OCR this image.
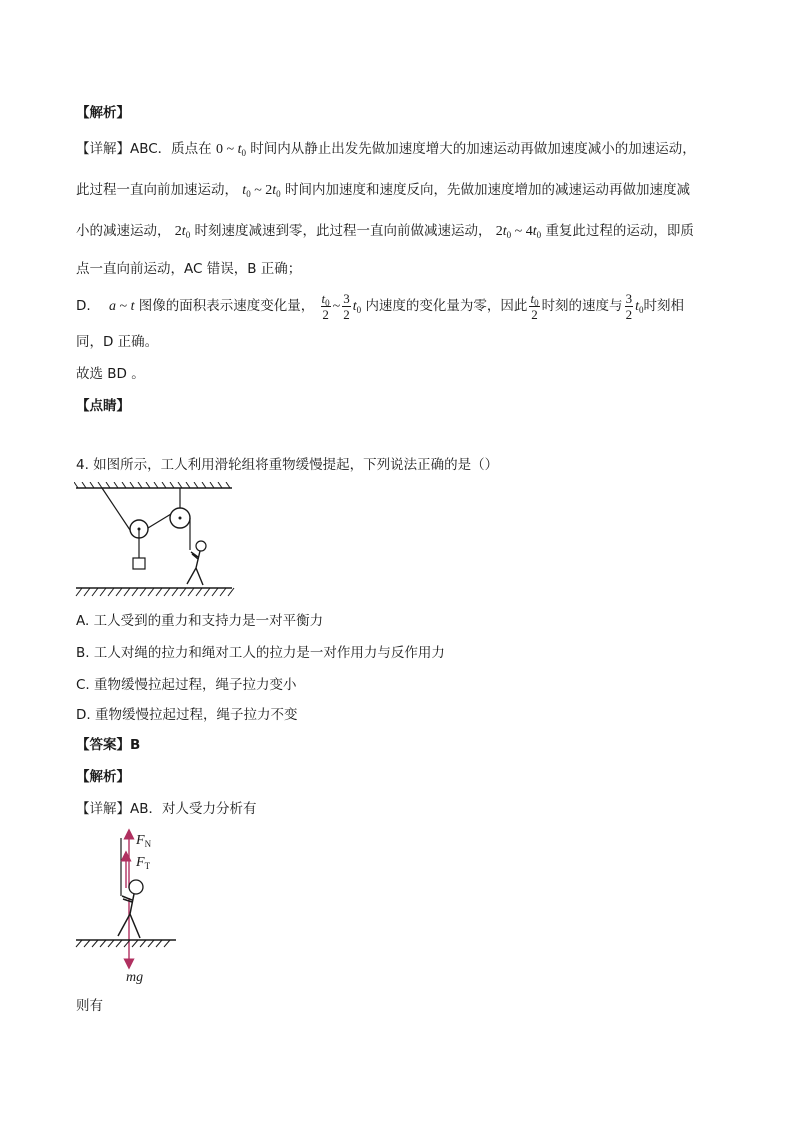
【解析】
【详解】ABC．质点在 0 ~ $t_0$ 时间内从静止出发先做加速度增大的加速运动再做加速度减小的加速运动，
此过程一直向前加速运动， $t_0$ ~ $2t_0$ 时间内加速度和速度反向，先做加速度增加的减速运动再做加速度减
小的减速运动， $2t_0$ 时刻速度减速到零，此过程一直向前做减速运动， $2t_0$ ~ $4t_0$ 重复此过程的运动，即质
点一直向前运动，AC 错误，B 正确；
D. a ~ t 图像的面积表示速度变化量， $\frac{t_0}{2}$ ~ $\frac{3}{2} t_0$ 内速度的变化量为零，因此 $\frac{t_0}{2}$ 时刻的速度与 $\frac{3}{2} t_0$时刻相
同，D 正确。
故选 BD 。
【点睛】
4. 如图所示，工人利用滑轮组将重物缓慢提起，下列说法正确的是（）
A. 工人受到的重力和支持力是一对平衡力
B. 工人对绳的拉力和绳对工人的拉力是一对作用力与反作用力
C. 重物缓慢拉起过程，绳子拉力变小
D. 重物缓慢拉起过程，绳子拉力不变
【答案】B
【解析】
【详解】AB．对人受力分析有
$F_N$
$F_T$
mg
则有
